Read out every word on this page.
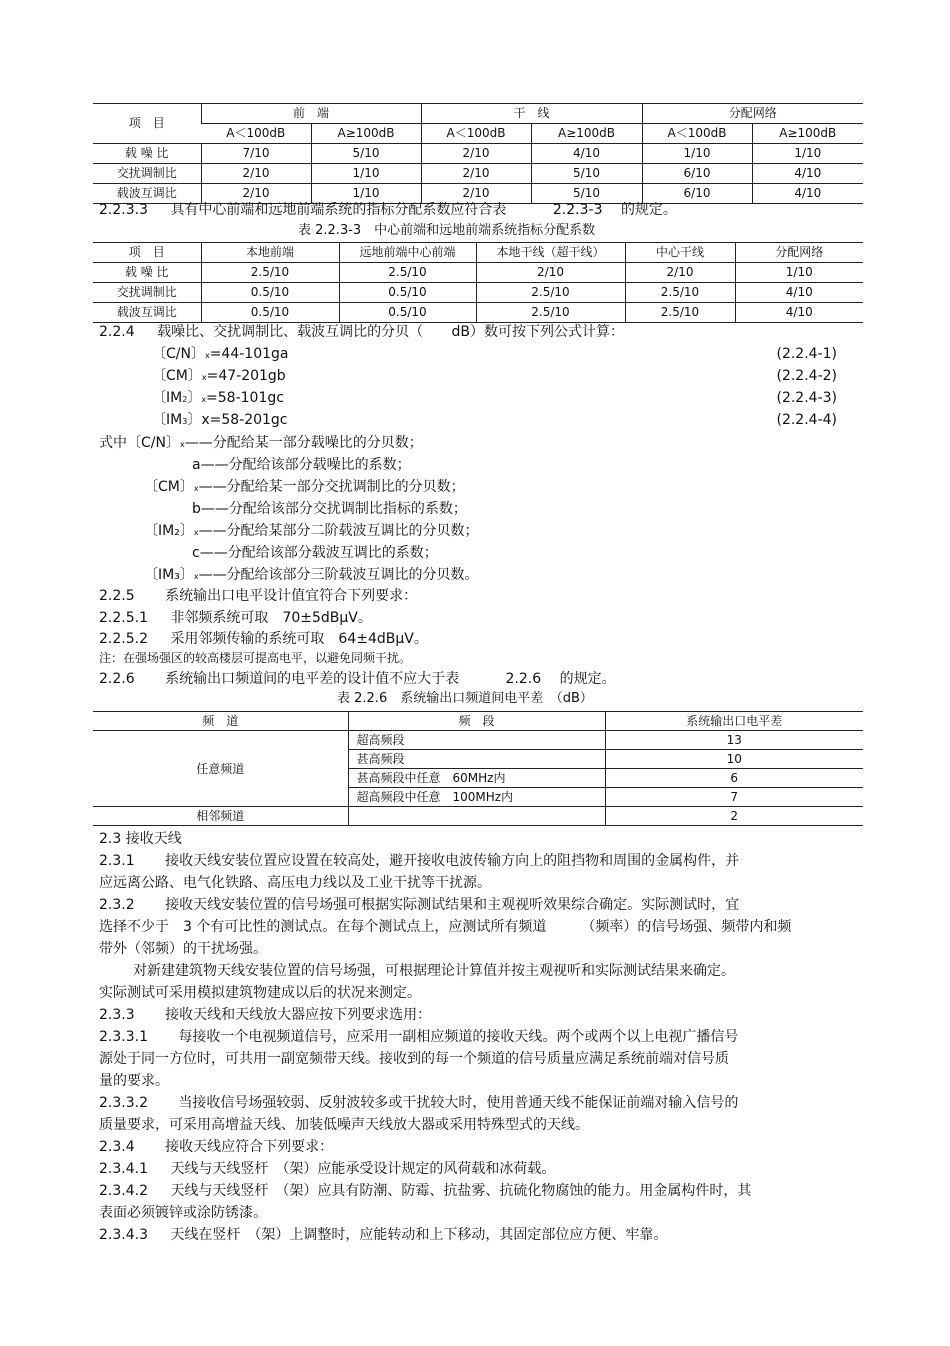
项　目	前　端		干　线		分配网络	
	A＜100dB	A≥100dB	A＜100dB	A≥100dB	A＜100dB	A≥100dB
载 噪 比	7/10	5/10	2/10	4/10	1/10	1/10
交扰调制比	2/10	1/10	2/10	5/10	6/10	4/10
载波互调比	2/10	1/10	2/10	5/10	6/10	4/10
2.2.3.3 具有中心前端和远地前端系统的指标分配系数应符合表	2.2.3-3 的规定。
表 2.2.3-3　中心前端和远地前端系统指标分配系数
项　目	本地前端	远地前端中心前端	本地干线（超干线）	中心干线	分配网络
载 噪 比	2.5/10	2.5/10	2/10	2/10	1/10
交扰调制比	0.5/10	0.5/10	2.5/10	2.5/10	4/10
载波互调比	0.5/10	0.5/10	2.5/10	2.5/10	4/10
2.2.4 载噪比、交扰调制比、载波互调比的分贝（ dB）数可按下列公式计算：
〔C/N〕x=44-101ga	(2.2.4-1)
〔CM〕x=47-201gb	(2.2.4-2)
〔IM2〕x=58-101gc	(2.2.4-3)
〔IM3〕x=58-201gc	(2.2.4-4)
式中〔C/N〕x——分配给某一部分载噪比的分贝数；
a——分配给该部分载噪比的系数；
〔CM〕x——分配给某一部分交扰调制比的分贝数；
b——分配给该部分交扰调制比指标的系数；
〔IM₂〕x——分配给某部分二阶载波互调比的分贝数；
c——分配给该部分载波互调比的系数；
〔IM₃〕x——分配给该部分三阶载波互调比的分贝数。
2.2.5 系统输出口电平设计值宜符合下列要求：
2.2.5.1 非邻频系统可取　70±5dBμV。
2.2.5.2 采用邻频传输的系统可取　64±4dBμV。
注：在强场强区的较高楼层可提高电平，以避免同频干扰。
2.2.6 系统输出口频道间的电平差的设计值不应大于表	2.2.6 的规定。
表 2.2.6　系统输出口频道间电平差　（dB）
频　道	频　段	系统输出口电平差
任意频道	超高频段	13
	甚高频段	10
	甚高频段中任意　60MHz内	6
	超高频段中任意　100MHz内	7
相邻频道		2
2.3 接收天线
2.3.1 接收天线安装位置应设置在较高处，避开接收电波传输方向上的阻挡物和周围的金属构件，并
应远离公路、电气化铁路、高压电力线以及工业干扰等干扰源。
2.3.2 接收天线安装位置的信号场强可根据实际测试结果和主观视听效果综合确定。实际测试时，宜
选择不少于　3 个有可比性的测试点。在每个测试点上，应测试所有频道　　　（频率）的信号场强、频带内和频
带外（邻频）的干扰场强。
对新建建筑物天线安装位置的信号场强，可根据理论计算值并按主观视听和实际测试结果来确定。
实际测试可采用模拟建筑物建成以后的状况来测定。
2.3.3 接收天线和天线放大器应按下列要求选用：
2.3.3.1 每接收一个电视频道信号，应采用一副相应频道的接收天线。两个或两个以上电视广播信号
源处于同一方位时，可共用一副宽频带天线。接收到的每一个频道的信号质量应满足系统前端对信号质
量的要求。
2.3.3.2 当接收信号场强较弱、反射波较多或干扰较大时，使用普通天线不能保证前端对输入信号的
质量要求，可采用高增益天线、加装低噪声天线放大器或采用特殊型式的天线。
2.3.4 接收天线应符合下列要求：
2.3.4.1 天线与天线竖杆　（架）应能承受设计规定的风荷载和冰荷载。
2.3.4.2 天线与天线竖杆　（架）应具有防潮、防霉、抗盐雾、抗硫化物腐蚀的能力。用金属构件时，其
表面必须镀锌或涂防锈漆。
2.3.4.3 天线在竖杆　（架）上调整时，应能转动和上下移动，其固定部位应方便、牢靠。
